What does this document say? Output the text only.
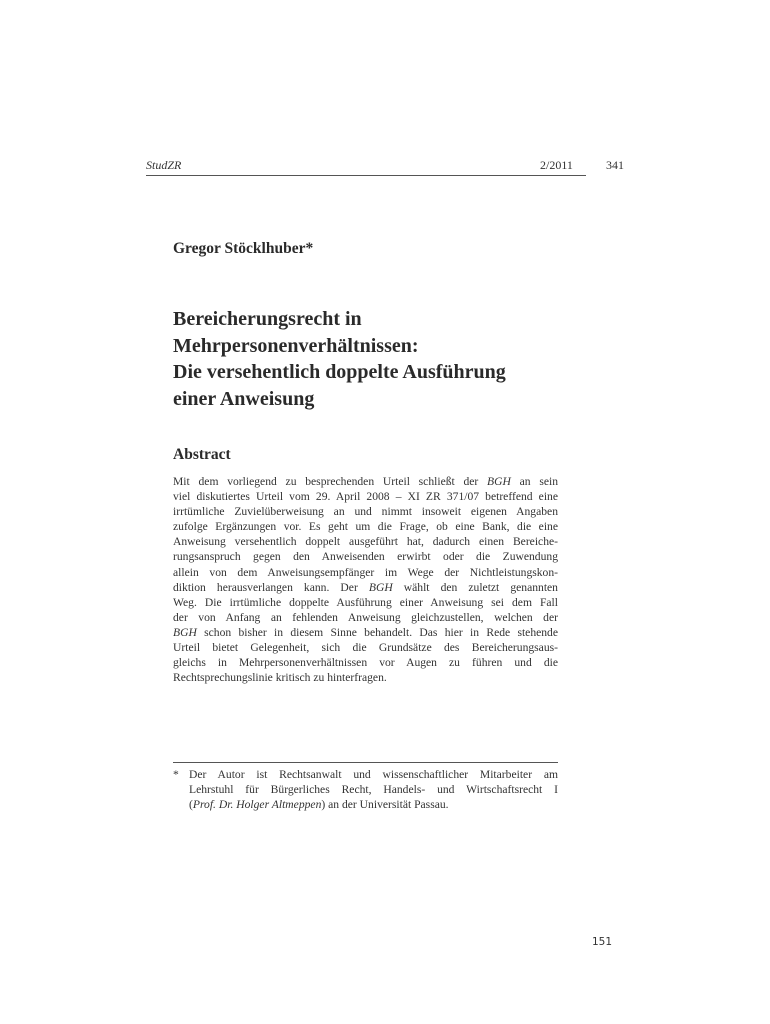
StudZR	2/2011	341
Gregor Stöcklhuber*
Bereicherungsrecht in
Mehrpersonenverhältnissen:
Die versehentlich doppelte Ausführung
einer Anweisung
Abstract
Mit dem vorliegend zu besprechenden Urteil schließt der BGH an sein
viel diskutiertes Urteil vom 29. April 2008 – XI ZR 371/07 betreffend eine
irrtümliche Zuvielüberweisung an und nimmt insoweit eigenen Angaben
zufolge Ergänzungen vor. Es geht um die Frage, ob eine Bank, die eine
Anweisung versehentlich doppelt ausgeführt hat, dadurch einen Bereiche-
rungsanspruch gegen den Anweisenden erwirbt oder die Zuwendung
allein von dem Anweisungsempfänger im Wege der Nichtleistungskon-
diktion herausverlangen kann. Der BGH wählt den zuletzt genannten
Weg. Die irrtümliche doppelte Ausführung einer Anweisung sei dem Fall
der von Anfang an fehlenden Anweisung gleichzustellen, welchen der
BGH schon bisher in diesem Sinne behandelt. Das hier in Rede stehende
Urteil bietet Gelegenheit, sich die Grundsätze des Bereicherungsaus-
gleichs in Mehrpersonenverhältnissen vor Augen zu führen und die
Rechtsprechungslinie kritisch zu hinterfragen.
* Der Autor ist Rechtsanwalt und wissenschaftlicher Mitarbeiter am
Lehrstuhl für Bürgerliches Recht, Handels- und Wirtschaftsrecht I
(Prof. Dr. Holger Altmeppen) an der Universität Passau.
151
